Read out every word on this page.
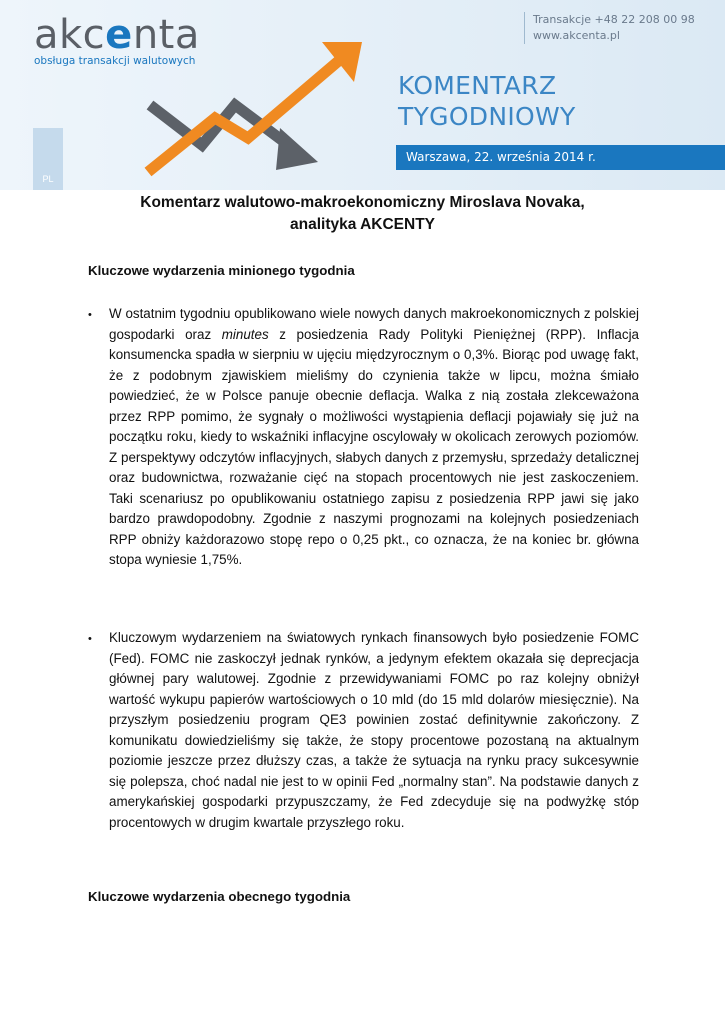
akcenta
obsługa transakcji walutowych
Transakcje +48 22 208 00 98
www.akcenta.pl
KOMENTARZ
TYGODNIOWY
Warszawa, 22. września 2014 r.
PL
Komentarz walutowo-makroekonomiczny Miroslava Novaka,
analityka AKCENTY
Kluczowe wydarzenia minionego tygodnia
• W ostatnim tygodniu opublikowano wiele nowych danych makroekonomicznych z polskiej gospodarki oraz minutes z posiedzenia Rady Polityki Pieniężnej (RPP). Inflacja konsumencka spadła w sierpniu w ujęciu międzyrocznym o 0,3%. Biorąc pod uwagę fakt, że z podobnym zjawiskiem mieliśmy do czynienia także w lipcu, można śmiało powiedzieć, że w Polsce panuje obecnie deflacja. Walka z nią została zlekceważona przez RPP pomimo, że sygnały o możliwości wystąpienia deflacji pojawiały się już na początku roku, kiedy to wskaźniki inflacyjne oscylowały w okolicach zerowych poziomów. Z perspektywy odczytów inflacyjnych, słabych danych z przemysłu, sprzedaży detalicznej oraz budownictwa, rozważanie cięć na stopach procentowych nie jest zaskoczeniem. Taki scenariusz po opublikowaniu ostatniego zapisu z posiedzenia RPP jawi się jako bardzo prawdopodobny. Zgodnie z naszymi prognozami na kolejnych posiedzeniach RPP obniży każdorazowo stopę repo o 0,25 pkt., co oznacza, że na koniec br. główna stopa wyniesie 1,75%.
• Kluczowym wydarzeniem na światowych rynkach finansowych było posiedzenie FOMC (Fed). FOMC nie zaskoczył jednak rynków, a jedynym efektem okazała się deprecjacja głównej pary walutowej. Zgodnie z przewidywaniami FOMC po raz kolejny obniżył wartość wykupu papierów wartościowych o 10 mld (do 15 mld dolarów miesięcznie). Na przyszłym posiedzeniu program QE3 powinien zostać definitywnie zakończony. Z komunikatu dowiedzieliśmy się także, że stopy procentowe pozostaną na aktualnym poziomie jeszcze przez dłuższy czas, a także że sytuacja na rynku pracy sukcesywnie się polepsza, choć nadal nie jest to w opinii Fed „normalny stan”. Na podstawie danych z amerykańskiej gospodarki przypuszczamy, że Fed zdecyduje się na podwyżkę stóp procentowych w drugim kwartale przyszłego roku.
Kluczowe wydarzenia obecnego tygodnia
